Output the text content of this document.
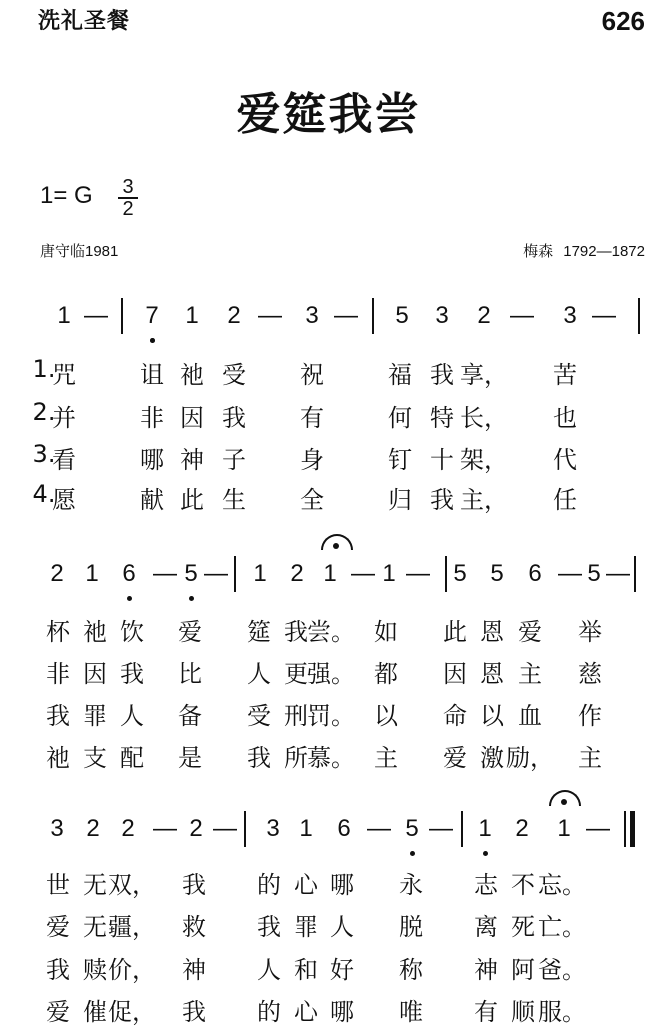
洗礼圣餐	626
爱筵我尝
1= G 3
2
唐守临1981	梅森 1792—1872
1 — 7 1 2 — 3 — 5 3 2 — 3 —
2 1 6 — 5 — 1 2 1 — 1 — 5 5 6 — 5 —
3 2 2 — 2 — 3 1 6 — 5 — 1 2 1 —
1.
咒	诅 祂 受 祝	福 我 享， 苦
2.
并	非 因 我 有	何 特 长， 也
3.
看	哪 神 子 身	钉 十 架， 代
4.
愿	献 此 生 全	归 我 主， 任
杯 祂 饮 爱 筵 我 尝。 如 此 恩 爱 举
非 因 我 比 人 更 强。 都 因 恩 主 慈
我 罪 人 备 受 刑 罚。 以 命 以 血 作
祂 支 配 是 我 所 慕。 主 爱 激 励， 主
世 无 双， 我 的 心 哪 永 志 不 忘。
爱 无 疆， 救 我 罪 人 脱 离 死 亡。
我 赎 价， 神 人 和 好 称 神 阿 爸。
爱 催 促， 我 的 心 哪 唯 有 顺 服。
